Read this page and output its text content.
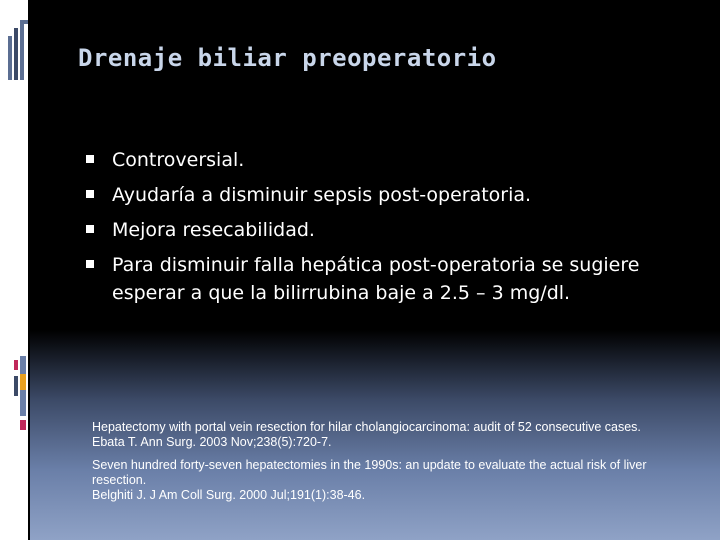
Drenaje biliar preoperatorio
Controversial.
Ayudaría a disminuir sepsis post-operatoria.
Mejora resecabilidad.
Para disminuir falla hepática post-operatoria se sugiere esperar a que la bilirrubina baje a 2.5 – 3 mg/dl.
Hepatectomy with portal vein resection for hilar cholangiocarcinoma: audit of 52 consecutive cases.
Ebata T. Ann Surg. 2003 Nov;238(5):720-7.
Seven hundred forty-seven hepatectomies in the 1990s: an update to evaluate the actual risk of liver resection.
Belghiti J. J Am Coll Surg. 2000 Jul;191(1):38-46.
